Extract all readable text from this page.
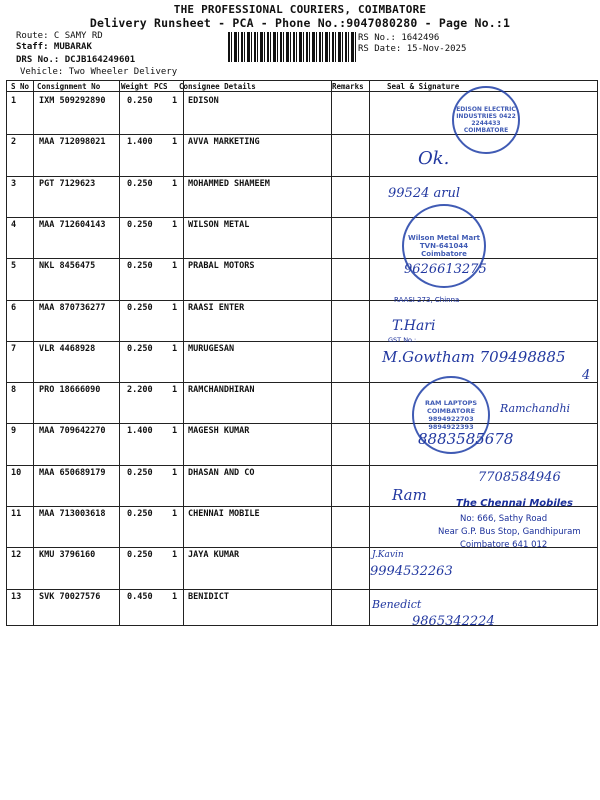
THE PROFESSIONAL COURIERS, COIMBATORE
Delivery Runsheet - PCA - Phone No.:9047080280 - Page No.:1
Route: C SAMY RD
Staff: MUBARAK
DRS No.: DCJB164249601
Vehicle: Two Wheeler Delivery
RS No.: 1642496
RS Date: 15-Nov-2025
S No Consignment No	Weight PCS Consignee Details	Remarks	Seal & Signature
1	IXM 509292890	0.250 1 EDISON
2	MAA 712098021	1.400 1 AVVA MARKETING
3	PGT 7129623	0.250 1 MOHAMMED SHAMEEM
4	MAA 712604143	0.250 1 WILSON METAL
5	NKL 8456475	0.250 1 PRABAL MOTORS
6	MAA 870736277	0.250 1 RAASI ENTER
7	VLR 4468928	0.250 1 MURUGESAN
8	PRO 18666090	2.200 1 RAMCHANDHIRAN
9	MAA 709642270	1.400 1 MAGESH KUMAR
10 MAA 650689179	0.250 1 DHASAN AND CO
11 MAA 713003618	0.250 1 CHENNAI MOBILE
12 KMU 3796160	0.250 1 JAYA KUMAR
13 SVK 70027576	0.450 1 BENIDICT
EDISON ELECTRIC INDUSTRIES 0422 2244433 COIMBATORE
Ok.
99524 arul
Wilson Metal Mart TVN-641044 Coimbatore
9626613275
RAASI 273, Chinna
T.Hari
GST No.:
M.Gowtham 709498885
4
RAM LAPTOPS COIMBATORE 9894922703 9894922393
Ramchandhi
8883585678
7708584946
Ram	The Chennai Mobiles
No: 666, Sathy Road
Near G.P. Bus Stop, Gandhipuram
Coimbatore 641 012
J.Kavin
9994532263
Benedict
9865342224
